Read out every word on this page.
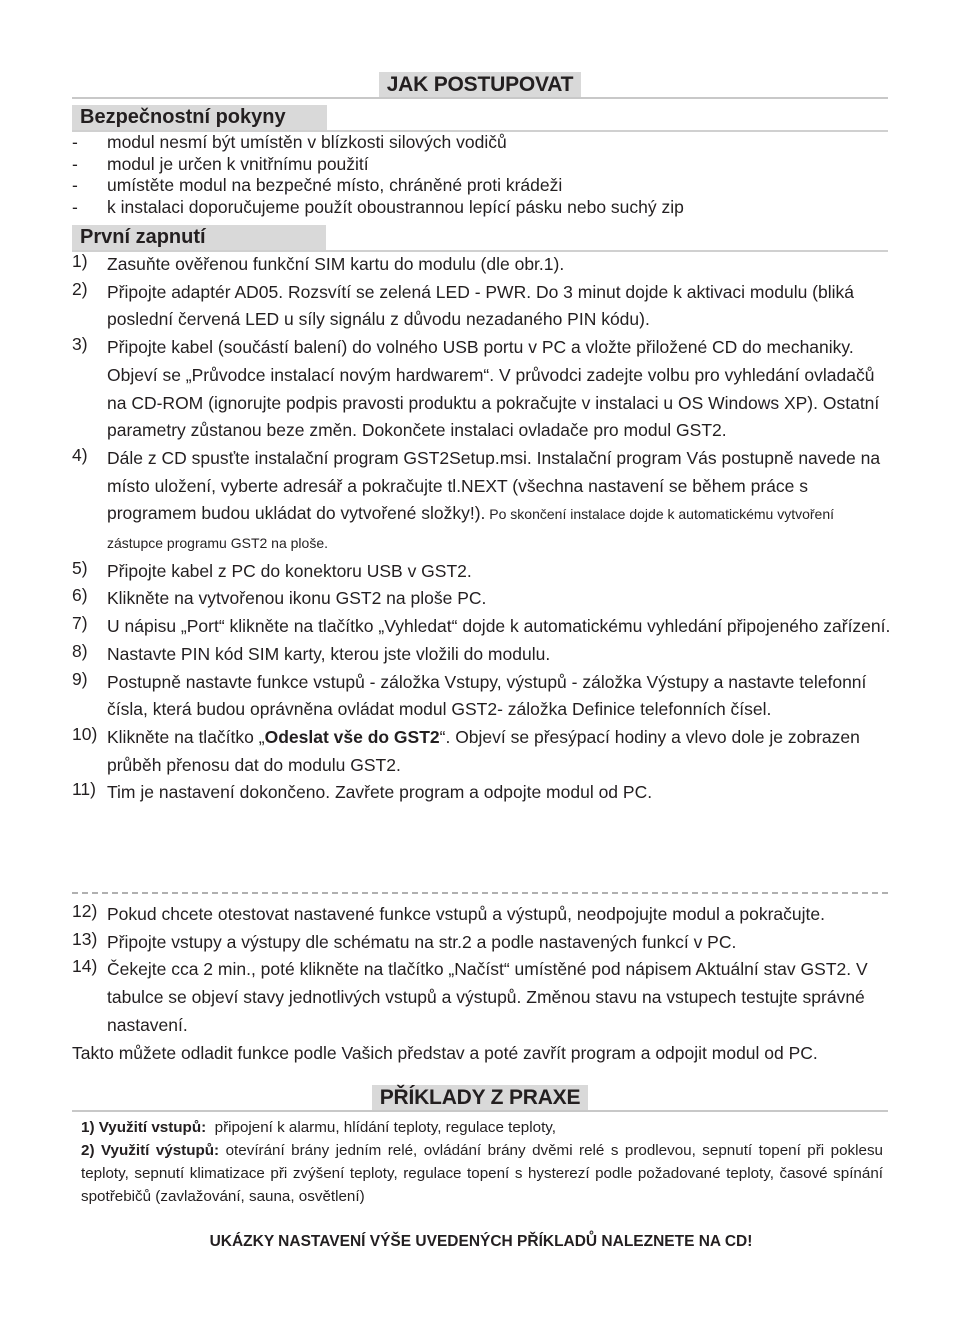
JAK POSTUPOVAT
Bezpečnostní pokyny
-	modul nesmí být umístěn v blízkosti silových vodičů
-	modul je určen k vnitřnímu použití
-	umístěte modul na bezpečné místo, chráněné proti krádeži
-	k instalaci doporučujeme použít oboustrannou lepící pásku nebo suchý zip
První zapnutí
1)	Zasuňte ověřenou funkční SIM kartu do modulu (dle obr.1).
2)	Připojte adaptér AD05. Rozsvítí se zelená LED - PWR. Do 3 minut dojde k aktivaci modulu (bliká poslední červená LED u síly signálu z důvodu nezadaného PIN kódu).
3)	Připojte kabel (součástí balení) do volného USB portu v PC a vložte přiložené CD do mechaniky. Objeví se „Průvodce instalací novým hardwarem“. V průvodci zadejte volbu pro vyhledání ovladačů na CD-ROM (ignorujte podpis pravosti produktu a pokračujte v instalaci u OS Windows XP). Ostatní parametry zůstanou beze změn. Dokončete instalaci ovladače pro modul GST2.
4)	Dále z CD spusťte instalační program GST2Setup.msi. Instalační program Vás postupně navede na místo uložení, vyberte adresář a pokračujte tl.NEXT (všechna nastavení se během práce s programem budou ukládat do vytvořené složky!). Po skončení instalace dojde k automatickému vytvoření zástupce programu GST2 na ploše.
5)	Připojte kabel z PC do konektoru USB v GST2.
6)	Klikněte na vytvořenou ikonu GST2 na ploše PC.
7)	U nápisu „Port“ klikněte na tlačítko „Vyhledat“ dojde k automatickému vyhledání připojeného zařízení.
8)	Nastavte PIN kód SIM karty, kterou jste vložili do modulu.
9)	Postupně nastavte funkce vstupů - záložka Vstupy, výstupů - záložka Výstupy a nastavte telefonní čísla, která budou oprávněna ovládat modul GST2- záložka Definice telefonních čísel.
10) Klikněte na tlačítko „Odeslat vše do GST2“. Objeví se přesýpací hodiny a vlevo dole je zobrazen průběh přenosu dat do modulu GST2.
11) Tim je nastavení dokončeno. Zavřete program a odpojte modul od PC.
12) Pokud chcete otestovat nastavené funkce vstupů a výstupů, neodpojujte modul a pokračujte.
13) Připojte vstupy a výstupy dle schématu na str.2 a podle nastavených funkcí v PC.
14) Čekejte cca 2 min., poté klikněte na tlačítko „Načíst“ umístěné pod nápisem Aktuální stav GST2. V tabulce se objeví stavy jednotlivých vstupů a výstupů. Změnou stavu na vstupech testujte správné nastavení.
Takto můžete odladit funkce podle Vašich představ a poté zavřít program a odpojit modul od PC.
PŘÍKLADY Z PRAXE
1) Využití vstupů: připojení k alarmu, hlídání teploty, regulace teploty,
2) Využití výstupů: otevírání brány jedním relé, ovládání brány dvěmi relé s prodlevou, sepnutí topení při poklesu teploty, sepnutí klimatizace při zvýšení teploty, regulace topení s hysterezí podle požadované teploty, časové spínání spotřebičů (zavlažování, sauna, osvětlení)
UKÁZKY NASTAVENÍ VÝŠE UVEDENÝCH PŘÍKLADŮ NALEZNETE NA CD!
